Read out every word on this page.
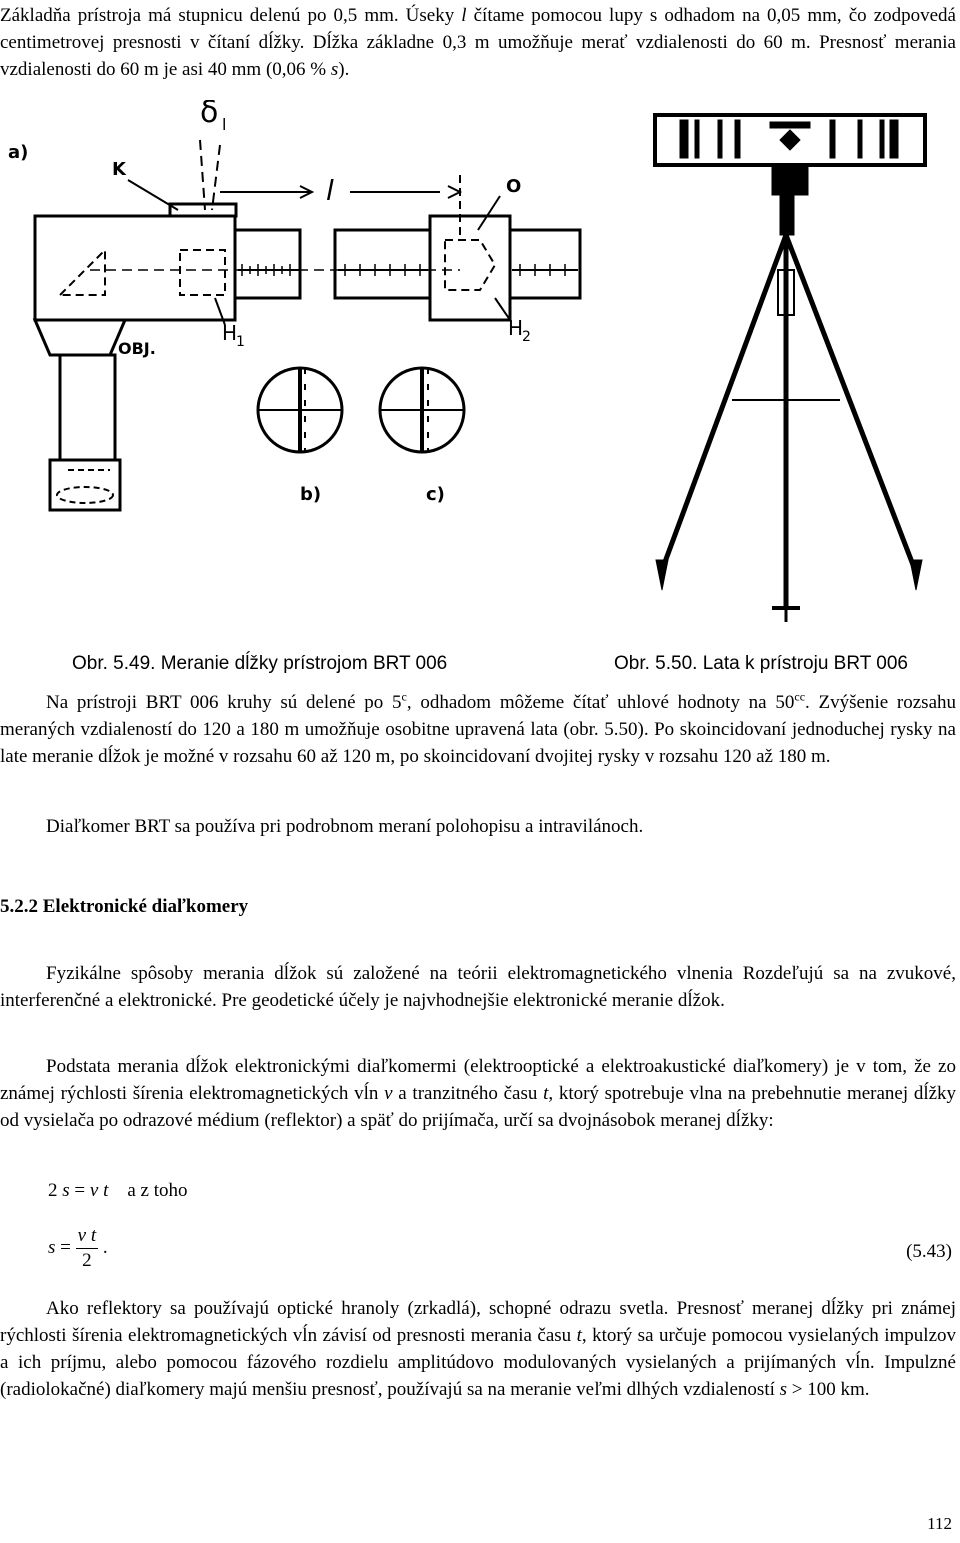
Základňa prístroja má stupnicu delenú po 0,5 mm. Úseky l čítame pomocou lupy s odhadom na 0,05 mm, čo zodpovedá centimetrovej presnosti v čítaní dĺžky. Dĺžka základne 0,3 m umožňuje merať vzdialenosti do 60 m. Presnosť merania vzdialenosti do 60 m je asi 40 mm (0,06 % s).

a)
δ l
K
l	O
OBJ.
H
1
H
2
b)	c)
Obr. 5.49. Meranie dĺžky prístrojom BRT 006	Obr. 5.50. Lata k prístroju BRT 006

Na prístroji BRT 006 kruhy sú delené po 5$^c$, odhadom môžeme čítať uhlové hodnoty na $50^{cc}$. Zvýšenie rozsahu meraných vzdialeností do 120 a 180 m umožňuje osobitne upravená lata (obr. 5.50). Po skoincidovaní jednoduchej rysky na late meranie dĺžok je možné v rozsahu 60 až 120 m, po skoincidovaní dvojitej rysky v rozsahu 120 až 180 m.

Diaľkomer BRT sa používa pri podrobnom meraní polohopisu a intravilánoch.

5.2.2 Elektronické diaľkomery

Fyzikálne spôsoby merania dĺžok sú založené na teórii elektromagnetického vlnenia Rozdeľujú sa na zvukové, interferenčné a elektronické. Pre geodetické účely je najvhodnejšie elektronické meranie dĺžok.

Podstata merania dĺžok elektronickými diaľkomermi (elektrooptické a elektroakustické diaľkomery) je v tom, že zo známej rýchlosti šírenia elektromagnetických vĺn v a tranzitného času t, ktorý spotrebuje vlna na prebehnutie meranej dĺžky od vysielača po odrazové médium (reflektor) a späť do prijímača, určí sa dvojnásobok meranej dĺžky:

2 s = v t a z toho
$s = \frac{\text{v t}}{2}$ .	(5.43)

Ako reflektory sa používajú optické hranoly (zrkadlá), schopné odrazu svetla. Presnosť meranej dĺžky pri známej rýchlosti šírenia elektromagnetických vĺn závisí od presnosti merania času t, ktorý sa určuje pomocou vysielaných impulzov a ich príjmu, alebo pomocou fázového rozdielu amplitúdovo modulovaných vysielaných a prijímaných vĺn. Impulzné (radiolokačné) diaľkomery majú menšiu presnosť, používajú sa na meranie veľmi dlhých vzdialeností s > 100 km.

112
